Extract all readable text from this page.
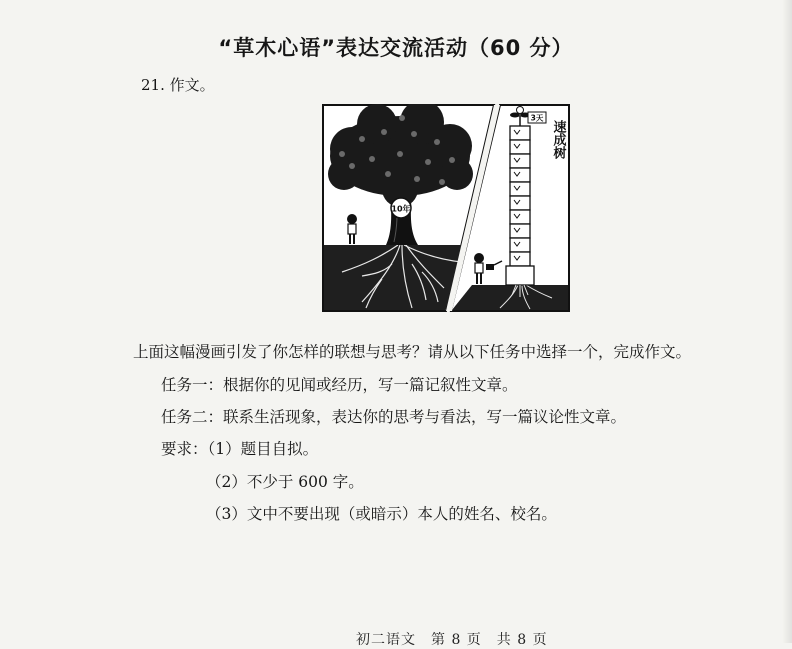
“草木心语”表达交流活动（60 分）
21. 作文。
10年
3天
速成树
上面这幅漫画引发了你怎样的联想与思考？请从以下任务中选择一个，完成作文。
任务一：根据你的见闻或经历，写一篇记叙性文章。
任务二：联系生活现象，表达你的思考与看法，写一篇议论性文章。
要求：（1）题目自拟。
（2）不少于 600 字。
（3）文中不要出现（或暗示）本人的姓名、校名。
初二语文　第 8 页　共 8 页
